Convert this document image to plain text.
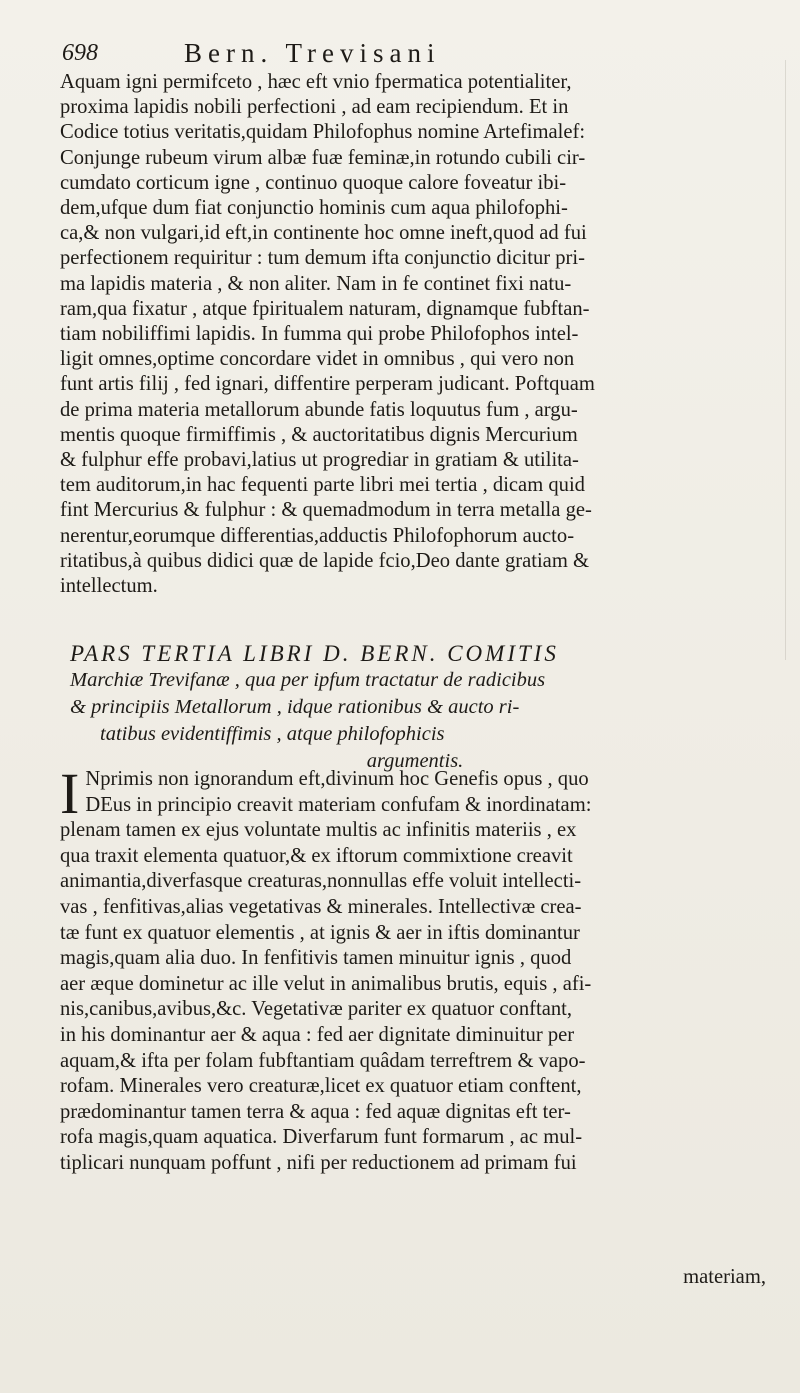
698	Bern. Trevisani
Aquam igni permifceto , hæc eft vnio fpermatica potentialiter,
proxima lapidis nobili perfectioni , ad eam recipiendum. Et in
Codice totius veritatis,quidam Philofophus nomine Artefimalef:
Conjunge rubeum virum albæ fuæ feminæ,in rotundo cubili cir-
cumdato corticum igne , continuo quoque calore foveatur ibi-
dem,ufque dum fiat conjunctio hominis cum aqua philofophi-
ca,& non vulgari,id eft,in continente hoc omne ineft,quod ad fui
perfectionem requiritur : tum demum ifta conjunctio dicitur pri-
ma lapidis materia , & non aliter. Nam in fe continet fixi natu-
ram,qua fixatur , atque fpiritualem naturam, dignamque fubftan-
tiam nobiliffimi lapidis. In fumma qui probe Philofophos intel-
ligit omnes,optime concordare videt in omnibus , qui vero non
funt artis filij , fed ignari, diffentire perperam judicant. Poftquam
de prima materia metallorum abunde fatis loquutus fum , argu-
mentis quoque firmiffimis , & auctoritatibus dignis Mercurium
& fulphur effe probavi,latius ut progrediar in gratiam & utilita-
tem auditorum,in hac fequenti parte libri mei tertia , dicam quid
fint Mercurius & fulphur : & quemadmodum in terra metalla ge-
nerentur,eorumque differentias,adductis Philofophorum aucto-
ritatibus,à quibus didici quæ de lapide fcio,Deo dante gratiam &
intellectum.
PARS TERTIA LIBRI D. BERN. COMITIS
Marchiæ Trevifanæ , qua per ipfum tractatur de radicibus
& principiis Metallorum , idque rationibus & aucto ri-
tatibus evidentiffimis , atque philofophicis
argumentis.
I Nprimis non ignorandum eft,divinum hoc Genefis opus , quo
DEus in principio creavit materiam confufam & inordinatam:
plenam tamen ex ejus voluntate multis ac infinitis materiis , ex
qua traxit elementa quatuor,& ex iftorum commixtione creavit
animantia,diverfasque creaturas,nonnullas effe voluit intellecti-
vas , fenfitivas,alias vegetativas & minerales. Intellectivæ crea-
tæ funt ex quatuor elementis , at ignis & aer in iftis dominantur
magis,quam alia duo. In fenfitivis tamen minuitur ignis , quod
aer æque dominetur ac ille velut in animalibus brutis, equis , afi-
nis,canibus,avibus,&c. Vegetativæ pariter ex quatuor conftant,
in his dominantur aer & aqua : fed aer dignitate diminuitur per
aquam,& ifta per folam fubftantiam quâdam terreftrem & vapo-
rofam. Minerales vero creaturæ,licet ex quatuor etiam conftent,
prædominantur tamen terra & aqua : fed aquæ dignitas eft ter-
rofa magis,quam aquatica. Diverfarum funt formarum , ac mul-
tiplicari nunquam poffunt , nifi per reductionem ad primam fui
materiam,
